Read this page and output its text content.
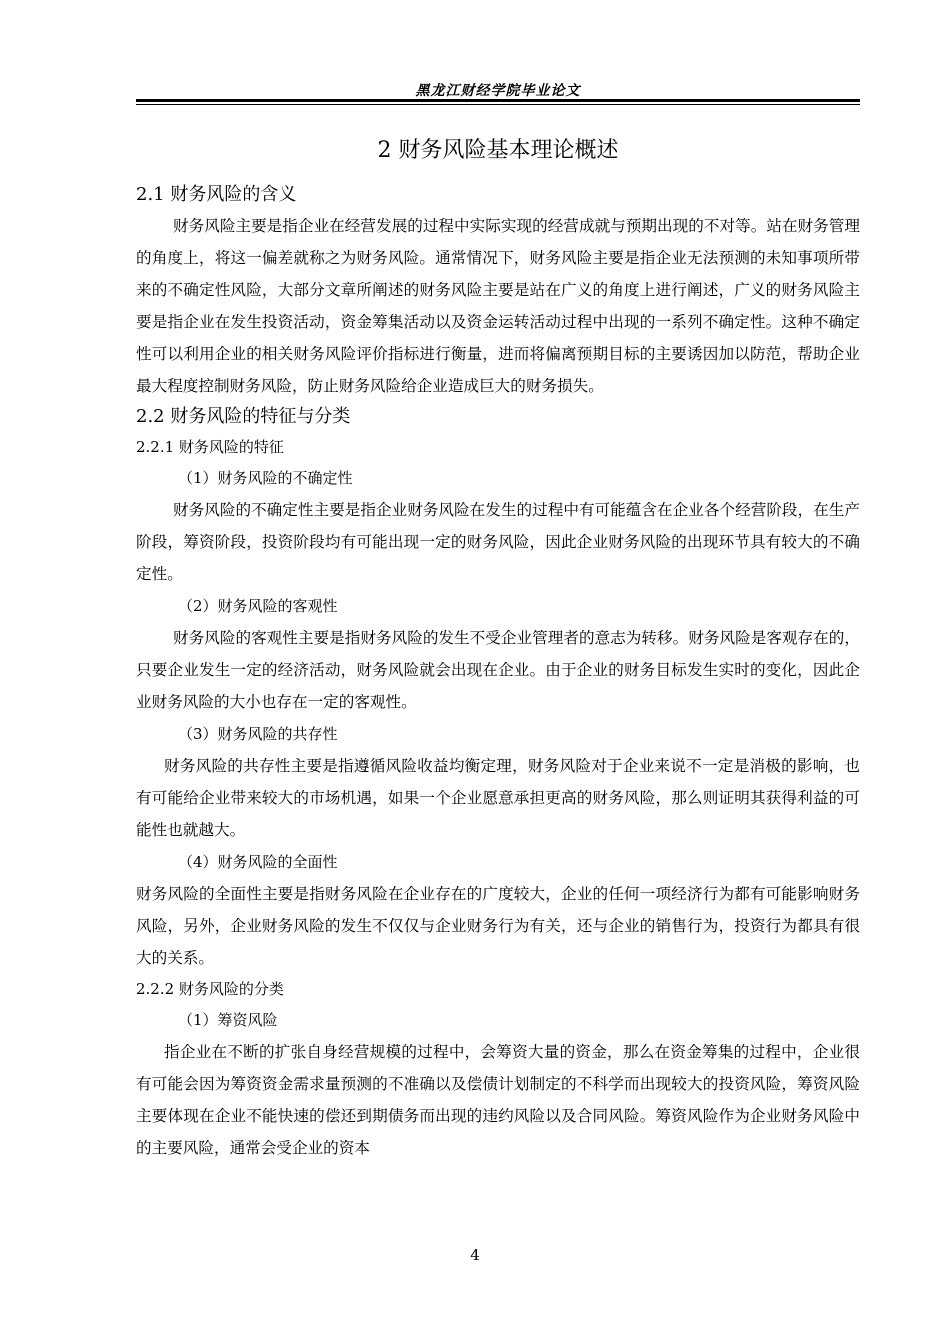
黑龙江财经学院毕业论文
2 财务风险基本理论概述
2.1 财务风险的含义

财务风险主要是指企业在经营发展的过程中实际实现的经营成就与预期出现的不对等。站在财务管理的角度上，将这一偏差就称之为财务风险。通常情况下，财务风险主要是指企业无法预测的未知事项所带来的不确定性风险，大部分文章所阐述的财务风险主要是站在广义的角度上进行阐述，广义的财务风险主要是指企业在发生投资活动，资金筹集活动以及资金运转活动过程中出现的一系列不确定性。这种不确定性可以利用企业的相关财务风险评价指标进行衡量，进而将偏离预期目标的主要诱因加以防范，帮助企业最大程度控制财务风险，防止财务风险给企业造成巨大的财务损失。

2.2 财务风险的特征与分类
2.2.1 财务风险的特征

（1）财务风险的不确定性

财务风险的不确定性主要是指企业财务风险在发生的过程中有可能蕴含在企业各个经营阶段，在生产阶段，筹资阶段，投资阶段均有可能出现一定的财务风险，因此企业财务风险的出现环节具有较大的不确定性。

（2）财务风险的客观性

财务风险的客观性主要是指财务风险的发生不受企业管理者的意志为转移。财务风险是客观存在的，只要企业发生一定的经济活动，财务风险就会出现在企业。由于企业的财务目标发生实时的变化，因此企业财务风险的大小也存在一定的客观性。

（3）财务风险的共存性

财务风险的共存性主要是指遵循风险收益均衡定理，财务风险对于企业来说不一定是消极的影响，也有可能给企业带来较大的市场机遇，如果一个企业愿意承担更高的财务风险，那么则证明其获得利益的可能性也就越大。

（4）财务风险的全面性

财务风险的全面性主要是指财务风险在企业存在的广度较大，企业的任何一项经济行为都有可能影响财务风险，另外，企业财务风险的发生不仅仅与企业财务行为有关，还与企业的销售行为，投资行为都具有很大的关系。

2.2.2 财务风险的分类

（1）筹资风险

指企业在不断的扩张自身经营规模的过程中，会筹资大量的资金，那么在资金筹集的过程中，企业很有可能会因为筹资资金需求量预测的不准确以及偿债计划制定的不科学而出现较大的投资风险，筹资风险主要体现在企业不能快速的偿还到期债务而出现的违约风险以及合同风险。筹资风险作为企业财务风险中的主要风险，通常会受企业的资本

4
